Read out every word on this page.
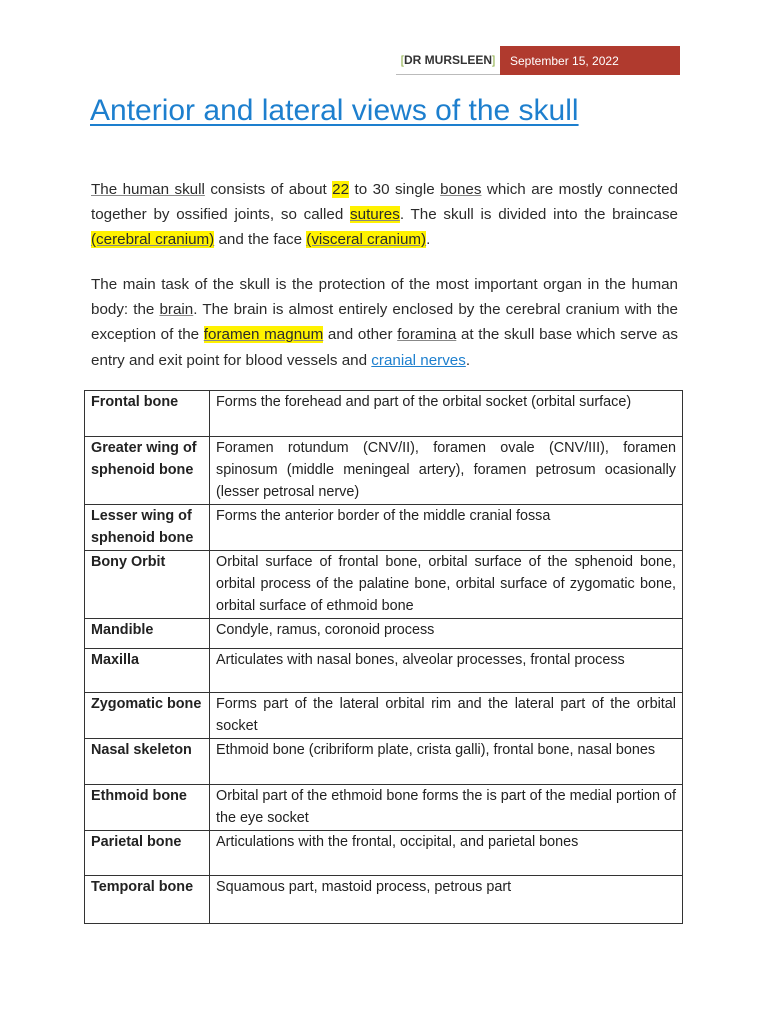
[ DR MURSLEEN ]	September 15, 2022
Anterior and lateral views of the skull

The human skull consists of about 22 to 30 single bones which are mostly connected together by ossified joints, so called sutures. The skull is divided into the braincase (cerebral cranium) and the face (visceral cranium).

The main task of the skull is the protection of the most important organ in the human body: the brain. The brain is almost entirely enclosed by the cerebral cranium with the exception of the foramen magnum and other foramina at the skull base which serve as entry and exit point for blood vessels and cranial nerves.

Frontal bone	Forms the forehead and part of the orbital socket (orbital surface)
Greater wing of sphenoid bone	Foramen rotundum (CNV/II), foramen ovale (CNV/III), foramen spinosum (middle meningeal artery), foramen petrosum ocasionally (lesser petrosal nerve)
Lesser wing of sphenoid bone	Forms the anterior border of the middle cranial fossa
Bony Orbit	Orbital surface of frontal bone, orbital surface of the sphenoid bone, orbital process of the palatine bone, orbital surface of zygomatic bone, orbital surface of ethmoid bone
Mandible	Condyle, ramus, coronoid process
Maxilla	Articulates with nasal bones, alveolar processes, frontal process
Zygomatic bone	Forms part of the lateral orbital rim and the lateral part of the orbital socket
Nasal skeleton	Ethmoid bone (cribriform plate, crista galli), frontal bone, nasal bones
Ethmoid bone	Orbital part of the ethmoid bone forms the is part of the medial portion of the eye socket
Parietal bone	Articulations with the frontal, occipital, and parietal bones
Temporal bone	Squamous part, mastoid process, petrous part
